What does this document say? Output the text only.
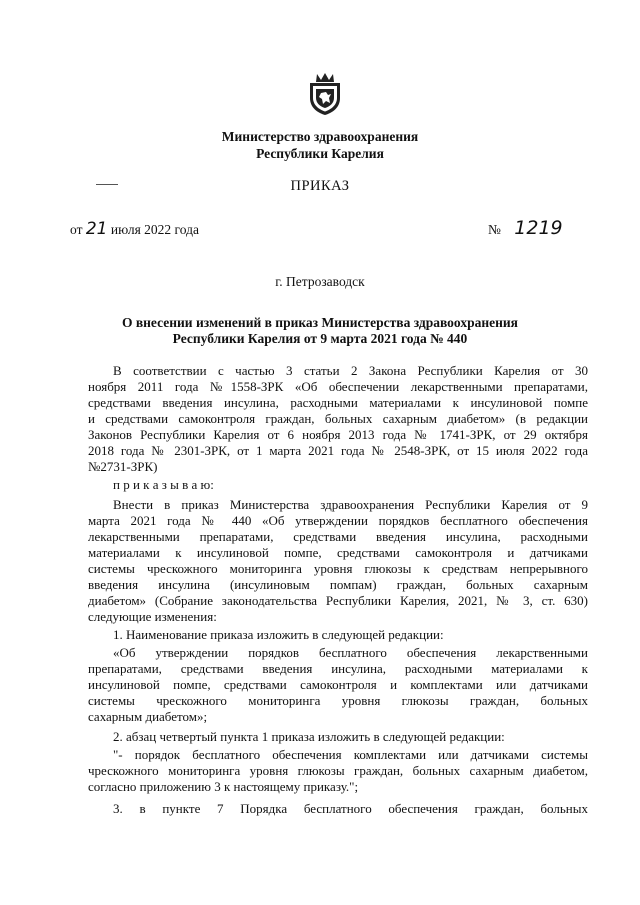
Министерство здравоохранения
Республики Карелия
ПРИКАЗ
от 21 июля 2022 года	№ 1219
г. Петрозаводск
О внесении изменений в приказ Министерства здравоохранения
Республики Карелия от 9 марта 2021 года № 440
В соответствии с частью 3 статьи 2 Закона Республики Карелия от 30
ноября 2011 года №1558-ЗРК «Об обеспечении лекарственными препаратами,
средствами введения инсулина, расходными материалами к инсулиновой помпе
и средствами самоконтроля граждан, больных сахарным диабетом» (в редакции
Законов Республики Карелия от 6 ноября 2013 года № 1741-ЗРК, от 29 октября
2018 года № 2301-ЗРК, от 1 марта 2021 года № 2548-ЗРК, от 15 июля 2022 года
№2731-ЗРК)
п р и к а з ы в а ю:
Внести в приказ Министерства здравоохранения Республики Карелия от 9
марта 2021 года № 440 «Об утверждении порядков бесплатного обеспечения
лекарственными препаратами, средствами введения инсулина, расходными
материалами к инсулиновой помпе, средствами самоконтроля и датчиками
системы чрескожного мониторинга уровня глюкозы к средствам непрерывного
введения инсулина (инсулиновым помпам) граждан, больных сахарным
диабетом» (Собрание законодательства Республики Карелия, 2021, № 3, ст. 630)
следующие изменения:
1. Наименование приказа изложить в следующей редакции:
«Об утверждении порядков бесплатного обеспечения лекарственными
препаратами, средствами введения инсулина, расходными материалами к
инсулиновой помпе, средствами самоконтроля и комплектами или датчиками
системы чрескожного мониторинга уровня глюкозы граждан, больных
сахарным диабетом»;
2. абзац четвертый пункта 1 приказа изложить в следующей редакции:
"- порядок бесплатного обеспечения комплектами или датчиками системы
чрескожного мониторинга уровня глюкозы граждан, больных сахарным диабетом,
согласно приложению 3 к настоящему приказу.";
3. в пункте 7 Порядка бесплатного обеспечения граждан, больных
